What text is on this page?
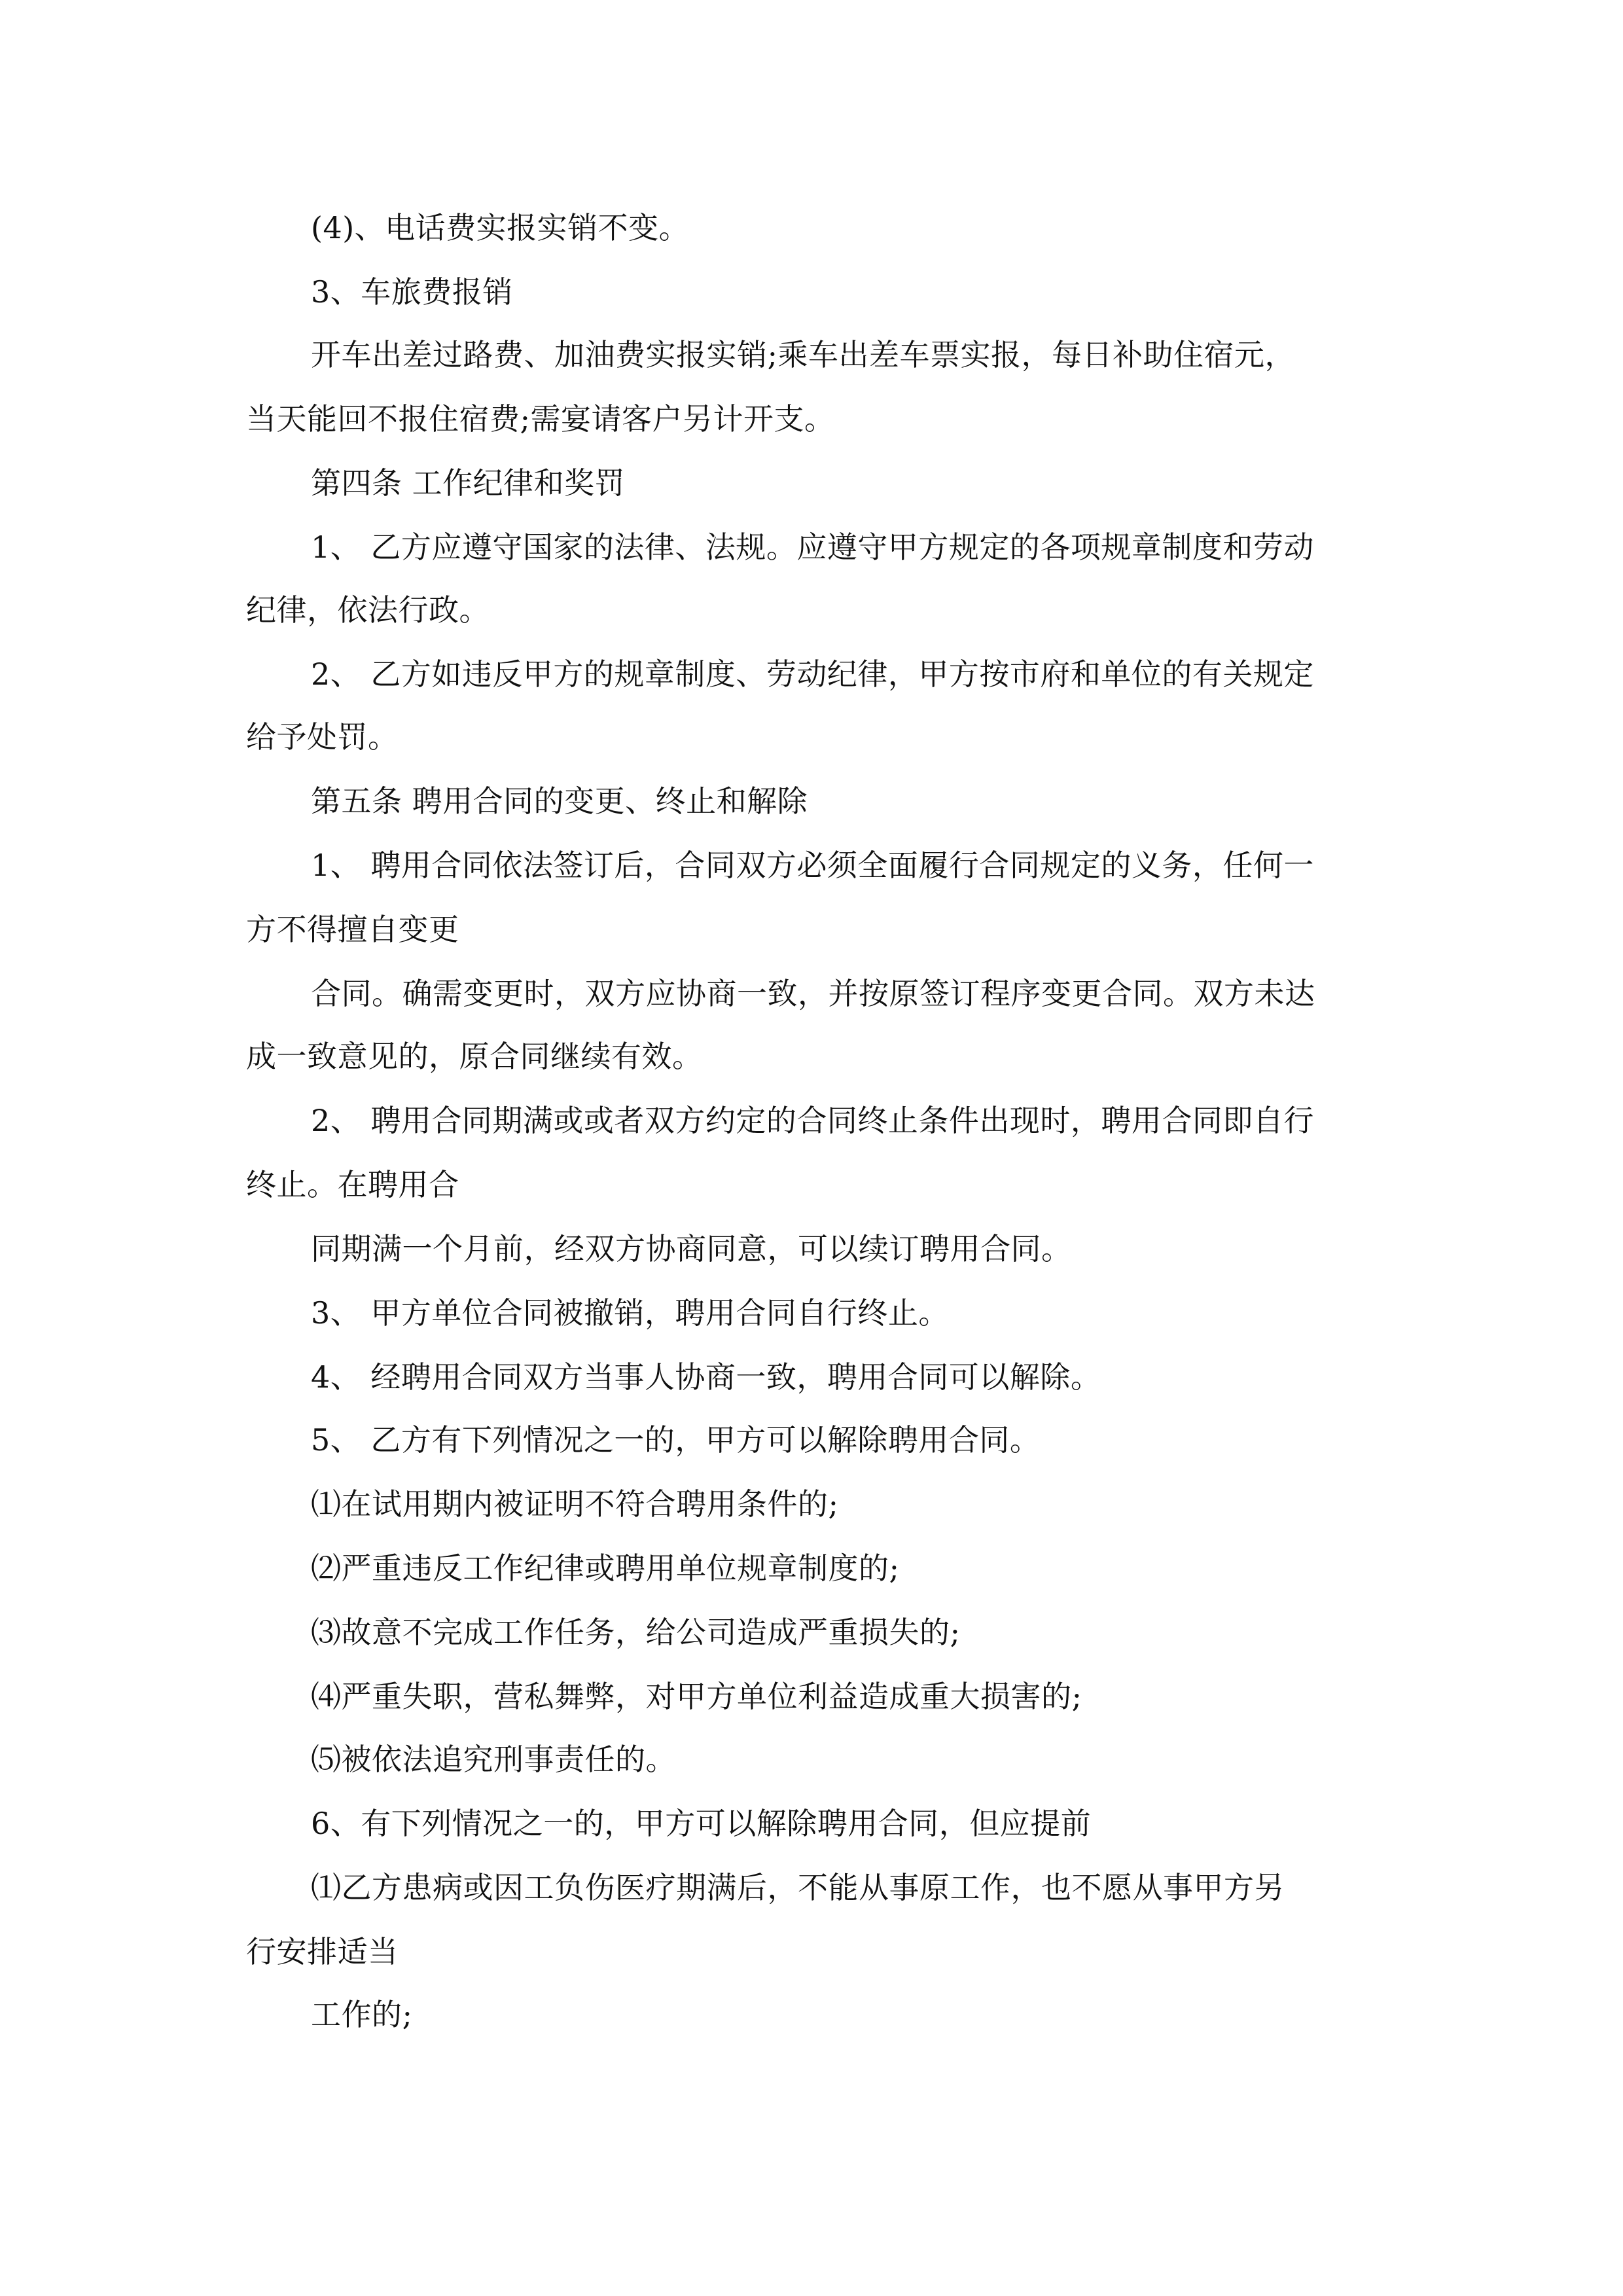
(4)、电话费实报实销不变。
3、车旅费报销
开车出差过路费、加油费实报实销;乘车出差车票实报，每日补助住宿元，
当天能回不报住宿费;需宴请客户另计开支。
第四条 工作纪律和奖罚
1、 乙方应遵守国家的法律、法规。应遵守甲方规定的各项规章制度和劳动
纪律，依法行政。
2、 乙方如违反甲方的规章制度、劳动纪律，甲方按市府和单位的有关规定
给予处罚。
第五条 聘用合同的变更、终止和解除
1、 聘用合同依法签订后，合同双方必须全面履行合同规定的义务，任何一
方不得擅自变更
合同。确需变更时，双方应协商一致，并按原签订程序变更合同。双方未达
成一致意见的，原合同继续有效。
2、 聘用合同期满或或者双方约定的合同终止条件出现时，聘用合同即自行
终止。在聘用合
同期满一个月前，经双方协商同意，可以续订聘用合同。
3、 甲方单位合同被撤销，聘用合同自行终止。
4、 经聘用合同双方当事人协商一致，聘用合同可以解除。
5、 乙方有下列情况之一的，甲方可以解除聘用合同。
⑴在试用期内被证明不符合聘用条件的;
⑵严重违反工作纪律或聘用单位规章制度的;
⑶故意不完成工作任务，给公司造成严重损失的;
⑷严重失职，营私舞弊，对甲方单位利益造成重大损害的;
⑸被依法追究刑事责任的。
6、有下列情况之一的，甲方可以解除聘用合同，但应提前
⑴乙方患病或因工负伤医疗期满后，不能从事原工作，也不愿从事甲方另
行安排适当
工作的;
